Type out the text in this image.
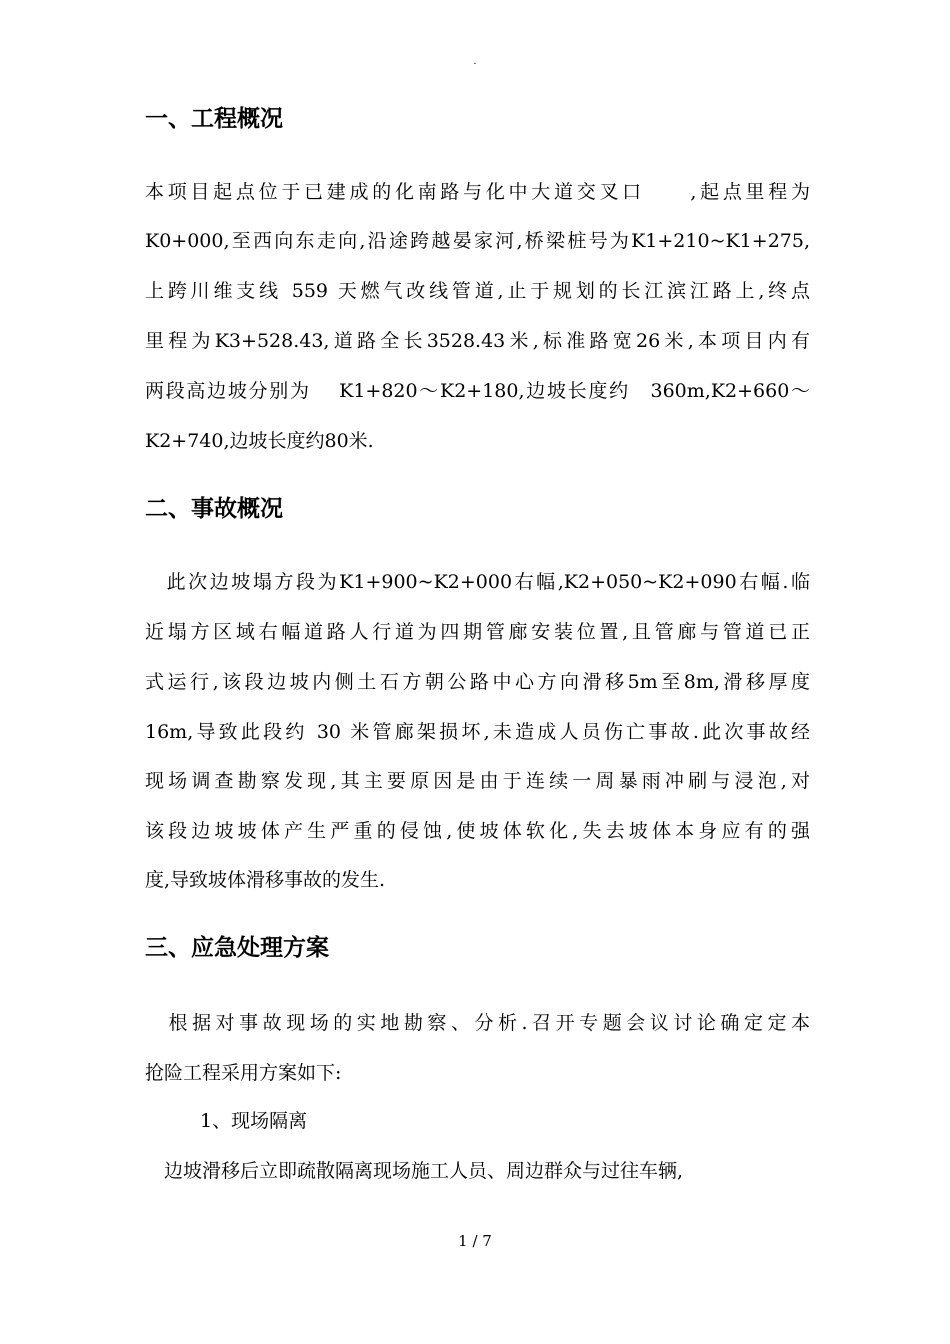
.
一、工程概况
本项目起点位于已建成的化南路与化中大道交叉口　　,起点里程为
K0+000,至西向东走向,沿途跨越晏家河,桥梁桩号为K1+210~K1+275,
上跨川维支线 559 天燃气改线管道,止于规划的长江滨江路上,终点
里程为K3+528.43,道路全长3528.43米,标准路宽26米,本项目内有
两段高边坡分别为　 K1+820～K2+180,边坡长度约　360m,K2+660～
K2+740,边坡长度约80米.
二、事故概况
　此次边坡塌方段为K1+900~K2+000右幅,K2+050~K2+090右幅.临
近塌方区域右幅道路人行道为四期管廊安装位置,且管廊与管道已正
式运行,该段边坡内侧土石方朝公路中心方向滑移5m至8m,滑移厚度
16m,导致此段约 30 米管廊架损坏,未造成人员伤亡事故.此次事故经
现场调查勘察发现,其主要原因是由于连续一周暴雨冲刷与浸泡,对
该段边坡坡体产生严重的侵蚀,使坡体软化,失去坡体本身应有的强
度,导致坡体滑移事故的发生.
三、应急处理方案
　根据对事故现场的实地勘察、分析.召开专题会议讨论确定定本
抢险工程采用方案如下:
1、现场隔离
　边坡滑移后立即疏散隔离现场施工人员、周边群众与过往车辆,
1 / 7
